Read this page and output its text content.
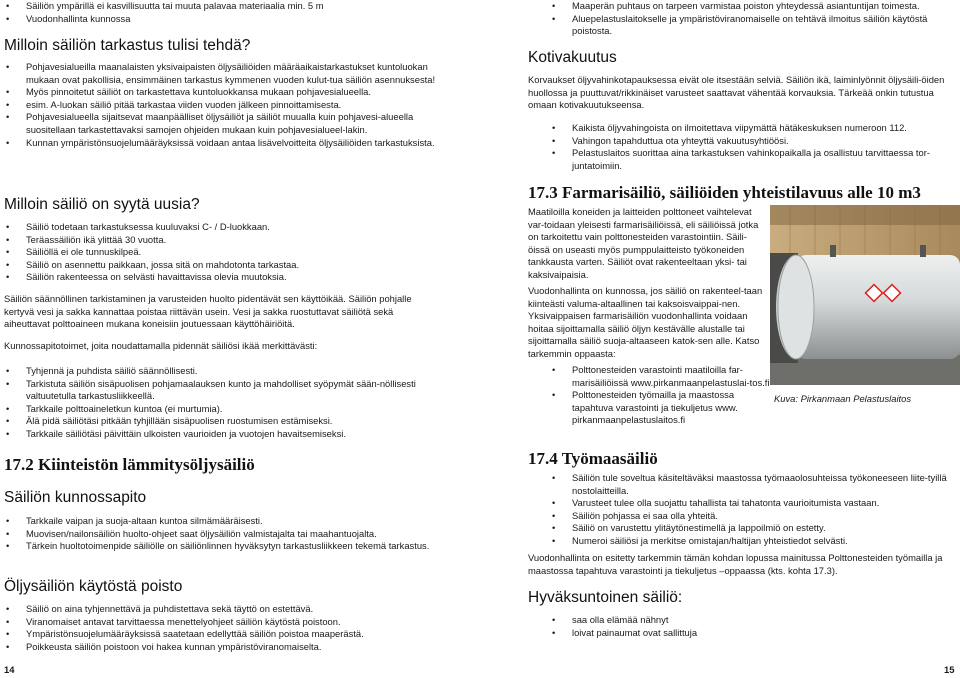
• Säiliön ympärillä ei kasvillisuutta tai muuta palavaa materiaalia min. 5 m
• Vuodonhallinta kunnossa
Milloin säiliön tarkastus tulisi tehdä?
• Pohjavesialueilla maanalaisten yksivaipaisten öljysäiliöiden määräaikaistarkastukset kuntoluokan mukaan ovat pakollisia, ensimmäinen tarkastus kymmenen vuoden kulut-tua säiliön asennuksesta!
• Myös pinnoitetut säiliöt on tarkastettava kuntoluokkansa mukaan pohjavesialueella.
• esim. A-luokan säiliö pitää tarkastaa viiden vuoden jälkeen pinnoittamisesta.
• Pohjavesialueella sijaitsevat maanpäälliset öljysäiliöt ja säiliöt muualla kuin pohjavesi-alueella suositellaan tarkastettavaksi samojen ohjeiden mukaan kuin pohjavesialueel-lakin.
• Kunnan ympäristönsuojelumääräyksissä voidaan antaa lisävelvoitteita öljysäiliöiden tarkastuksista.
Milloin säiliö on syytä uusia?
• Säiliö todetaan tarkastuksessa kuuluvaksi C- / D-luokkaan.
• Teräassäiliön ikä ylittää 30 vuotta.
• Säiliöllä ei ole tunnuskilpeä.
• Säiliö on asennettu paikkaan, jossa sitä on mahdotonta tarkastaa.
• Säiliön rakenteessa on selvästi havaittavissa olevia muutoksia.

Säiliön säännöllinen tarkistaminen ja varusteiden huolto pidentävät sen käyttöikää. Säiliön pohjalle kertyvä vesi ja sakka kannattaa poistaa riittävän usein. Vesi ja sakka ruostuttavat säiliötä sekä aiheuttavat polttoaineen mukana koneisiin joutuessaan käyttöhäiriöitä.

Kunnossapitotoimet, joita noudattamalla pidennät säiliösi ikää merkittävästi:

• Tyhjennä ja puhdista säiliö säännöllisesti.
• Tarkistuta säiliön sisäpuolisen pohjamaalauksen kunto ja mahdolliset syöpymät sään-nöllisesti valtuutetulla tarkastusliikkeellä.
• Tarkkaile polttoaineletkun kuntoa (ei murtumia).
• Älä pidä säiliötäsi pitkään tyhjillään sisäpuolisen ruostumisen estämiseksi.
• Tarkkaile säiliötäsi päivittäin ulkoisten vaurioiden ja vuotojen havaitsemiseksi.
17.2 Kiinteistön lämmitysöljysäiliö
Säiliön kunnossapito
• Tarkkaile vaipan ja suoja-altaan kuntoa silmämääräisesti.
• Muovisen/nailonsäiliön huolto-ohjeet saat öljysäiliön valmistajalta tai maahantuojalta.
• Tärkein huoltotoimenpide säiliölle on säiliönlinnen hyväksytyn tarkastusliikkeen tekemä tarkastus.
Öljysäiliön käytöstä poisto
• Säiliö on aina tyhjennettävä ja puhdistettava sekä täyttö on estettävä.
• Viranomaiset antavat tarvittaessa menettelyohjeet säiliön käytöstä poistoon.
• Ympäristönsuojelumääräyksissä saatetaan edellyttää säiliön poistoa maaperästä.
• Poikkeusta säiliön poistoon voi hakea kunnan ympäristöviranomaiselta.
14
• Maaperän puhtaus on tarpeen varmistaa poiston yhteydessä asiantuntijan toimesta.
• Aluepelastuslaitokselle ja ympäristöviranomaiselle on tehtävä ilmoitus säiliön käytöstä poistosta.
Kotivakuutus

Korvaukset öljyvahinkotapauksessa eivät ole itsestään selviä. Säiliön ikä, laiminlyönnit öljysäili-öiden huollossa ja puuttuvat/rikkinäiset varusteet saattavat vähentää korvauksia. Tärkeää onkin tutustua omaan kotivakuutukseensa.

• Kaikista öljyvahingoista on ilmoitettava viipymättä hätäkeskuksen numeroon 112.
• Vahingon tapahduttua ota yhteyttä vakuutusyhtiöösi.
• Pelastuslaitos suorittaa aina tarkastuksen vahinkopaikalla ja osallistuu tarvittaessa tor-juntatoimiin.
17.3 Farmarisäiliö, säiliöiden yhteistilavuus alle 10 m3

Maatiloilla koneiden ja laitteiden polttoneet vaihtelevat var-toidaan yleisesti farmarisäiliöissä, eli säiliöissä jotka on tarkoitettu vain polttonesteiden varastointiin. Säili-öissä on useasti myös pumppulaitteisto työkoneiden tankkausta varten. Säiliöt ovat rakenteeltaan yksi- tai kaksivaipaisia.

Vuodonhallinta on kunnossa, jos säiliö on rakenteel-taan kiinteästi valuma-altaallinen tai kaksoisvaippai-nen. Yksivaippaisen farmarisäiliön vuodonhallinta voidaan hoitaa sijoittamalla säiliö öljyn kestävälle alustalle tai sijoittamalla säiliö suoja-altaaseen katok-sen alle. Katso tarkemmin oppaasta:

• Polttonesteiden varastointi maatiloilla far-marisäiliöissä www.pirkanmaanpelastuslai-tos.fi
• Polttonesteiden työmailla ja maastossa tapahtuva varastointi ja tiekuljetus www. pirkanmaanpelastuslaitos.fi
17.4 Työmaasäiliö
• Säiliön tule soveltua käsiteltäväksi maastossa työmaaolosuhteissa työkoneeseen liite-tyillä nostolaitteilla.
• Varusteet tulee olla suojattu tahallista tai tahatonta vaurioitumista vastaan.
• Säiliön pohjassa ei saa olla yhteitä.
• Säiliö on varustettu ylitäytönestimellä ja lappoilmiö on estetty.
• Numeroi säiliösi ja merkitse omistajan/haltijan yhteistiedot selvästi.

Vuodonhallinta on esitetty tarkemmin tämän kohdan lopussa mainitussa Polttonesteiden työmailla ja maastossa tapahtuva varastointi ja tiekuljetus –oppaassa (kts. kohta 17.3).

Hyväksuntoinen säiliö:
• saa olla elämää nähnyt
• loivat painaumat ovat sallittuja
Kuva: Pirkanmaan Pelastuslaitos
15
